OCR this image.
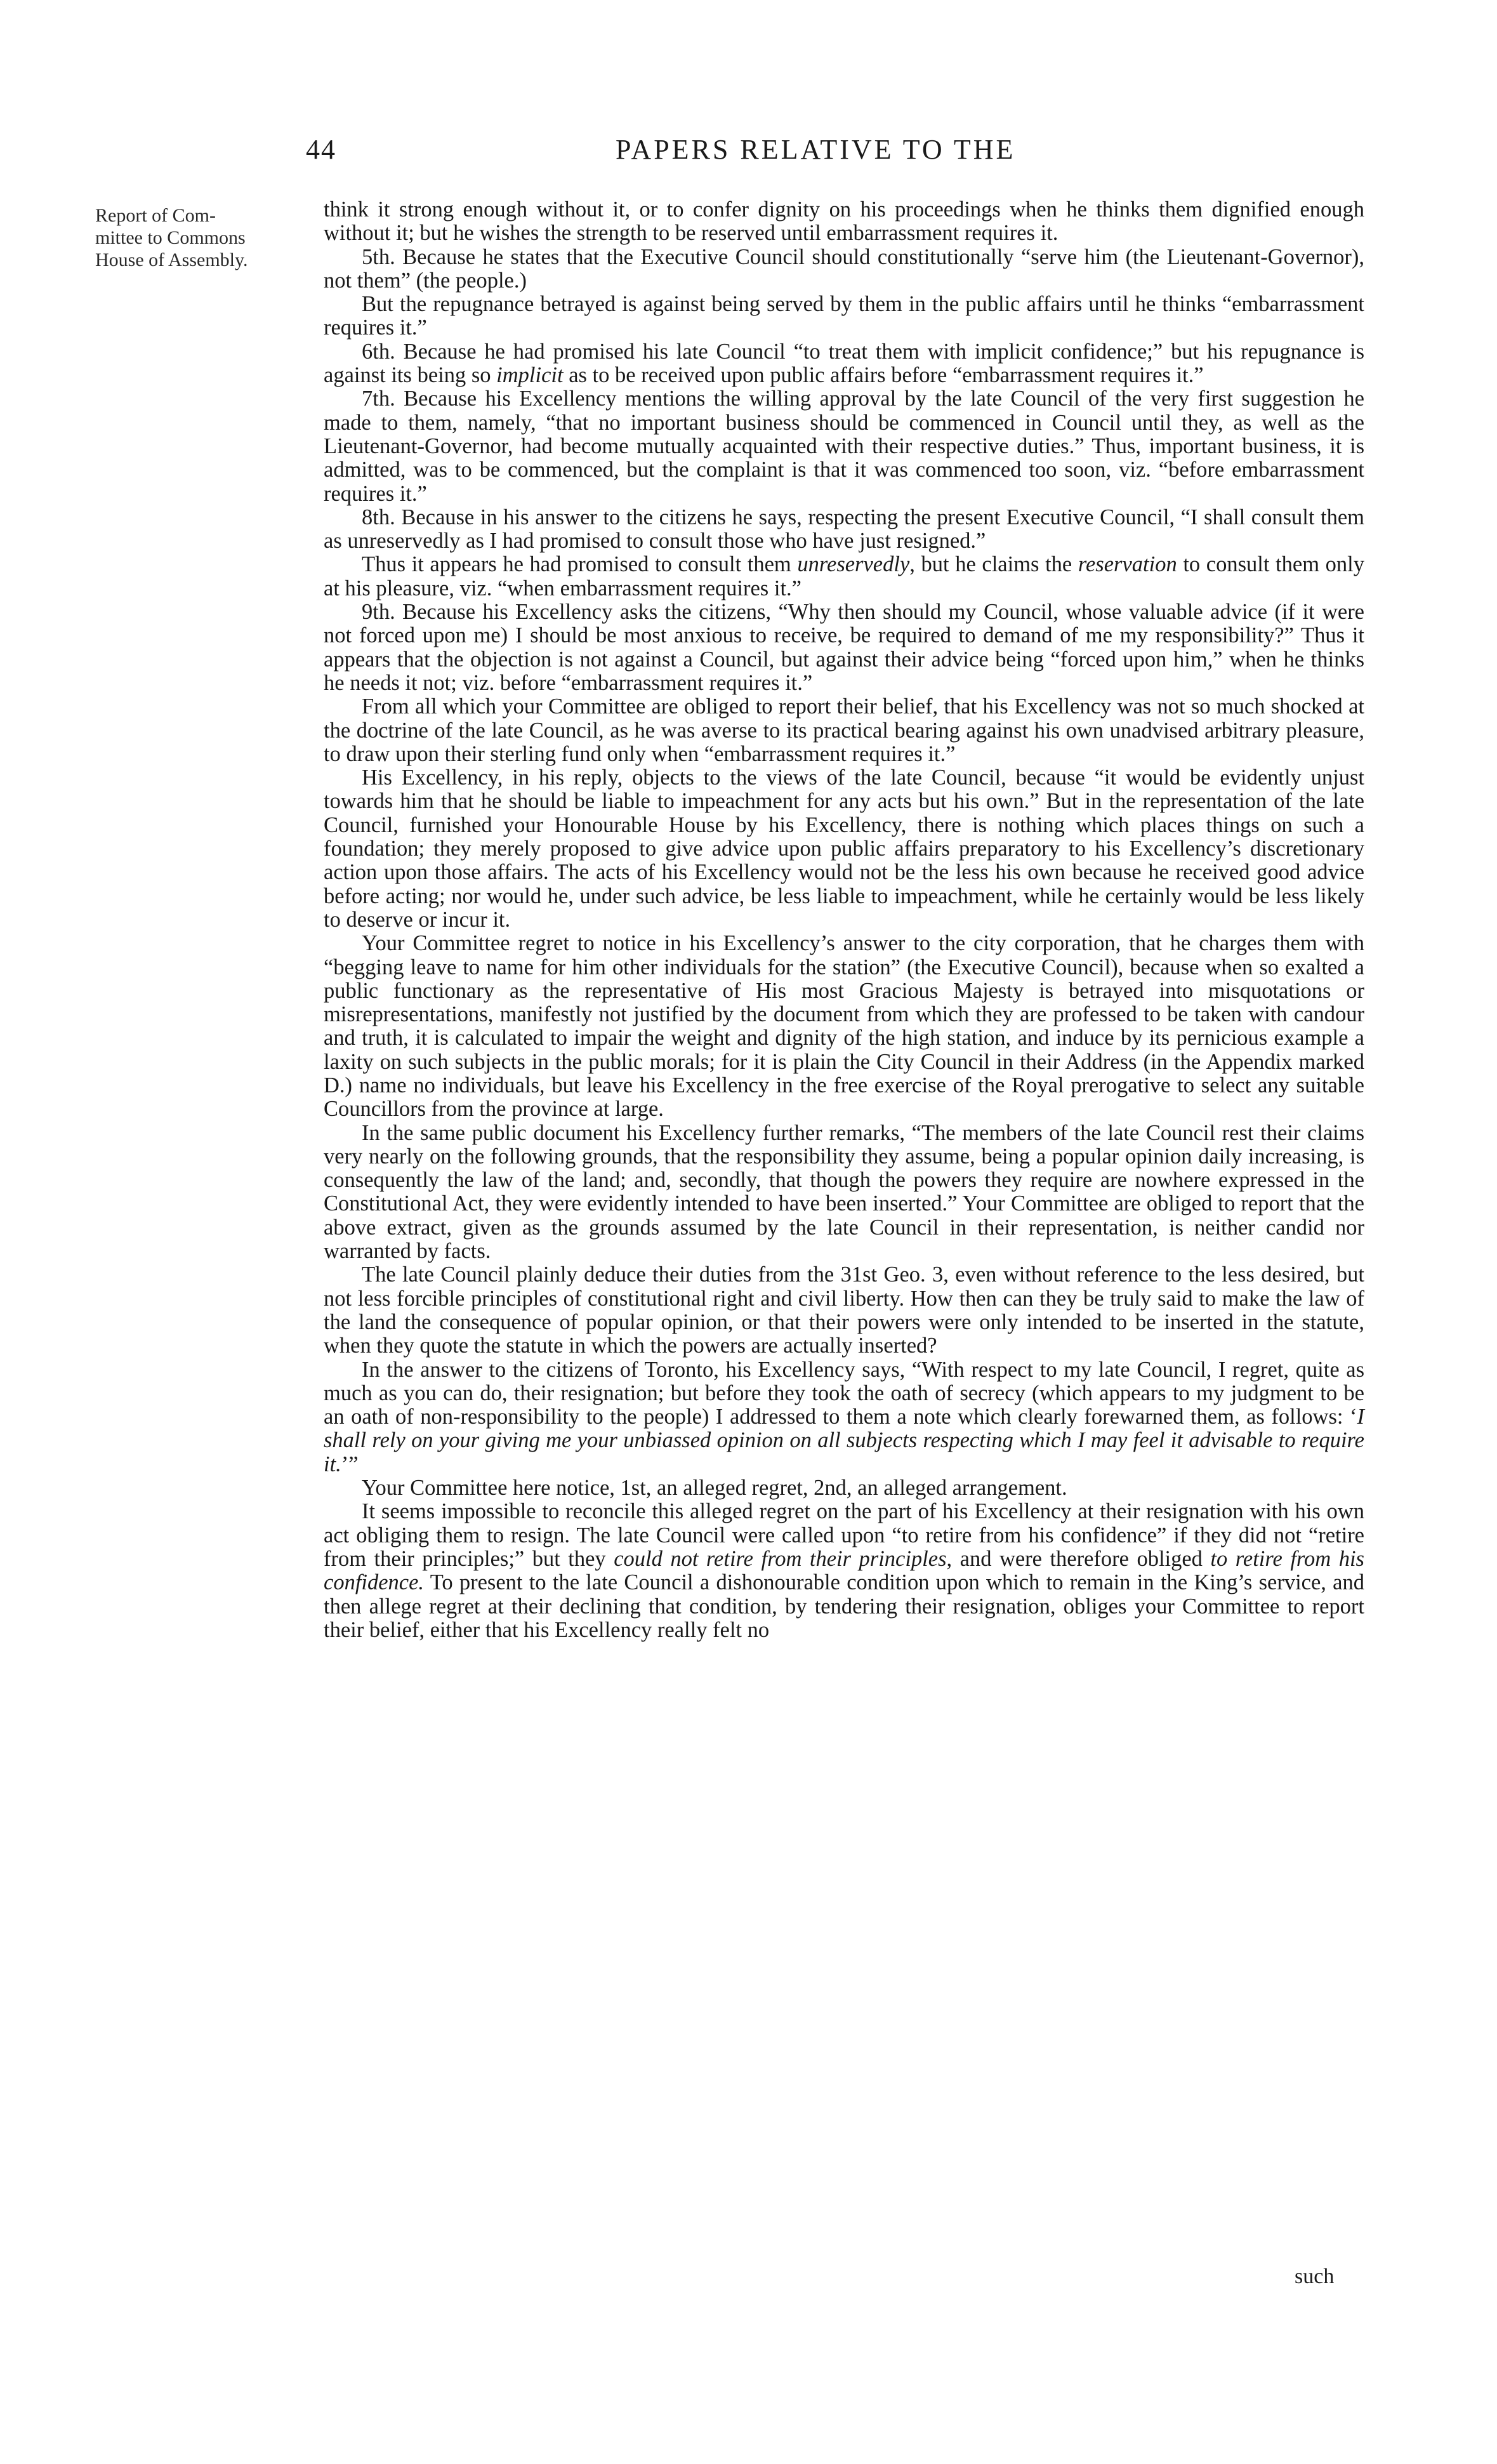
44	PAPERS RELATIVE TO THE
Report of Com-
mittee to Commons
House of Assembly.

think it strong enough without it, or to confer dignity on his proceedings when he thinks them dignified enough without it; but he wishes the strength to be reserved until embarrassment requires it.

5th. Because he states that the Executive Council should constitutionally “serve him (the Lieutenant-Governor), not them” (the people.)

But the repugnance betrayed is against being served by them in the public affairs until he thinks “embarrassment requires it.”

6th. Because he had promised his late Council “to treat them with implicit confidence;” but his repugnance is against its being so implicit as to be received upon public affairs before “embarrassment requires it.”

7th. Because his Excellency mentions the willing approval by the late Council of the very first suggestion he made to them, namely, “that no important business should be commenced in Council until they, as well as the Lieutenant-Governor, had become mutually acquainted with their respective duties.” Thus, important business, it is admitted, was to be commenced, but the complaint is that it was commenced too soon, viz. “before embarrassment requires it.”

8th. Because in his answer to the citizens he says, respecting the present Executive Council, “I shall consult them as unreservedly as I had promised to consult those who have just resigned.”

Thus it appears he had promised to consult them unreservedly, but he claims the reservation to consult them only at his pleasure, viz. “when embarrassment requires it.”

9th. Because his Excellency asks the citizens, “Why then should my Council, whose valuable advice (if it were not forced upon me) I should be most anxious to receive, be required to demand of me my responsibility?” Thus it appears that the objection is not against a Council, but against their advice being “forced upon him,” when he thinks he needs it not; viz. before “embarrassment requires it.”

From all which your Committee are obliged to report their belief, that his Excellency was not so much shocked at the doctrine of the late Council, as he was averse to its practical bearing against his own unadvised arbitrary pleasure, to draw upon their sterling fund only when “embarrassment requires it.”

His Excellency, in his reply, objects to the views of the late Council, because “it would be evidently unjust towards him that he should be liable to impeachment for any acts but his own.” But in the representation of the late Council, furnished your Honourable House by his Excellency, there is nothing which places things on such a foundation; they merely proposed to give advice upon public affairs preparatory to his Excellency’s discretionary action upon those affairs. The acts of his Excellency would not be the less his own because he received good advice before acting; nor would he, under such advice, be less liable to impeachment, while he certainly would be less likely to deserve or incur it.

Your Committee regret to notice in his Excellency’s answer to the city corporation, that he charges them with “begging leave to name for him other individuals for the station” (the Executive Council), because when so exalted a public functionary as the representative of His most Gracious Majesty is betrayed into misquotations or misrepresentations, manifestly not justified by the document from which they are professed to be taken with candour and truth, it is calculated to impair the weight and dignity of the high station, and induce by its pernicious example a laxity on such subjects in the public morals; for it is plain the City Council in their Address (in the Appendix marked D.) name no individuals, but leave his Excellency in the free exercise of the Royal prerogative to select any suitable Councillors from the province at large.

In the same public document his Excellency further remarks, “The members of the late Council rest their claims very nearly on the following grounds, that the responsibility they assume, being a popular opinion daily increasing, is consequently the law of the land; and, secondly, that though the powers they require are nowhere expressed in the Constitutional Act, they were evidently intended to have been inserted.” Your Committee are obliged to report that the above extract, given as the grounds assumed by the late Council in their representation, is neither candid nor warranted by facts.

The late Council plainly deduce their duties from the 31st Geo. 3, even without reference to the less desired, but not less forcible principles of constitutional right and civil liberty. How then can they be truly said to make the law of the land the consequence of popular opinion, or that their powers were only intended to be inserted in the statute, when they quote the statute in which the powers are actually inserted?

In the answer to the citizens of Toronto, his Excellency says, “With respect to my late Council, I regret, quite as much as you can do, their resignation; but before they took the oath of secrecy (which appears to my judgment to be an oath of non-responsibility to the people) I addressed to them a note which clearly forewarned them, as follows: ‘I shall rely on your giving me your unbiassed opinion on all subjects respecting which I may feel it advisable to require it.’”

Your Committee here notice, 1st, an alleged regret, 2nd, an alleged arrangement.

It seems impossible to reconcile this alleged regret on the part of his Excellency at their resignation with his own act obliging them to resign. The late Council were called upon “to retire from his confidence” if they did not “retire from their principles;” but they could not retire from their principles, and were therefore obliged to retire from his confidence. To present to the late Council a dishonourable condition upon which to remain in the King’s service, and then allege regret at their declining that condition, by tendering their resignation, obliges your Committee to report their belief, either that his Excellency really felt no

such
